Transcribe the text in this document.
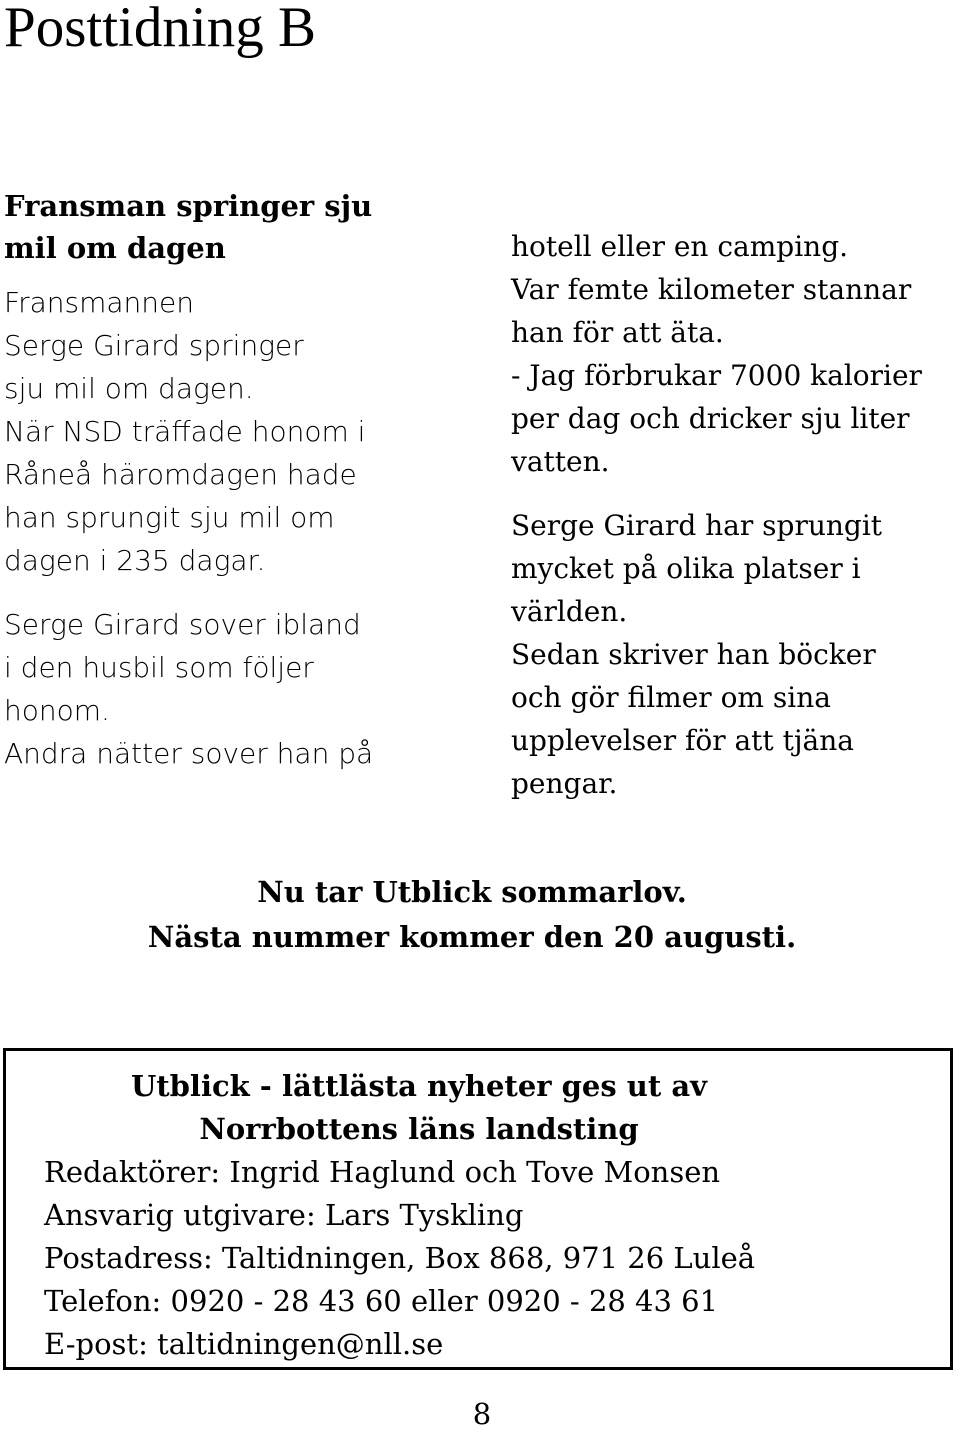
Posttidning B
Fransman springer sju
mil om dagen

Fransmannen
Serge Girard springer
sju mil om dagen.
När NSD träffade honom i
Råneå häromdagen hade
han sprungit sju mil om
dagen i 235 dagar.

Serge Girard sover ibland
i den husbil som följer
honom.
Andra nätter sover han på

hotell eller en camping.
Var femte kilometer stannar
han för att äta.
- Jag förbrukar 7000 kalorier
per dag och dricker sju liter
vatten.

Serge Girard har sprungit
mycket på olika platser i
världen.
Sedan skriver han böcker
och gör filmer om sina
upplevelser för att tjäna
pengar.

Nu tar Utblick sommarlov.
Nästa nummer kommer den 20 augusti.

Utblick - lättlästa nyheter ges ut av
Norrbottens läns landsting
Redaktörer: Ingrid Haglund och Tove Monsen
Ansvarig utgivare: Lars Tyskling
Postadress: Taltidningen, Box 868, 971 26 Luleå
Telefon: 0920 - 28 43 60 eller 0920 - 28 43 61
E-post: taltidningen@nll.se
8
